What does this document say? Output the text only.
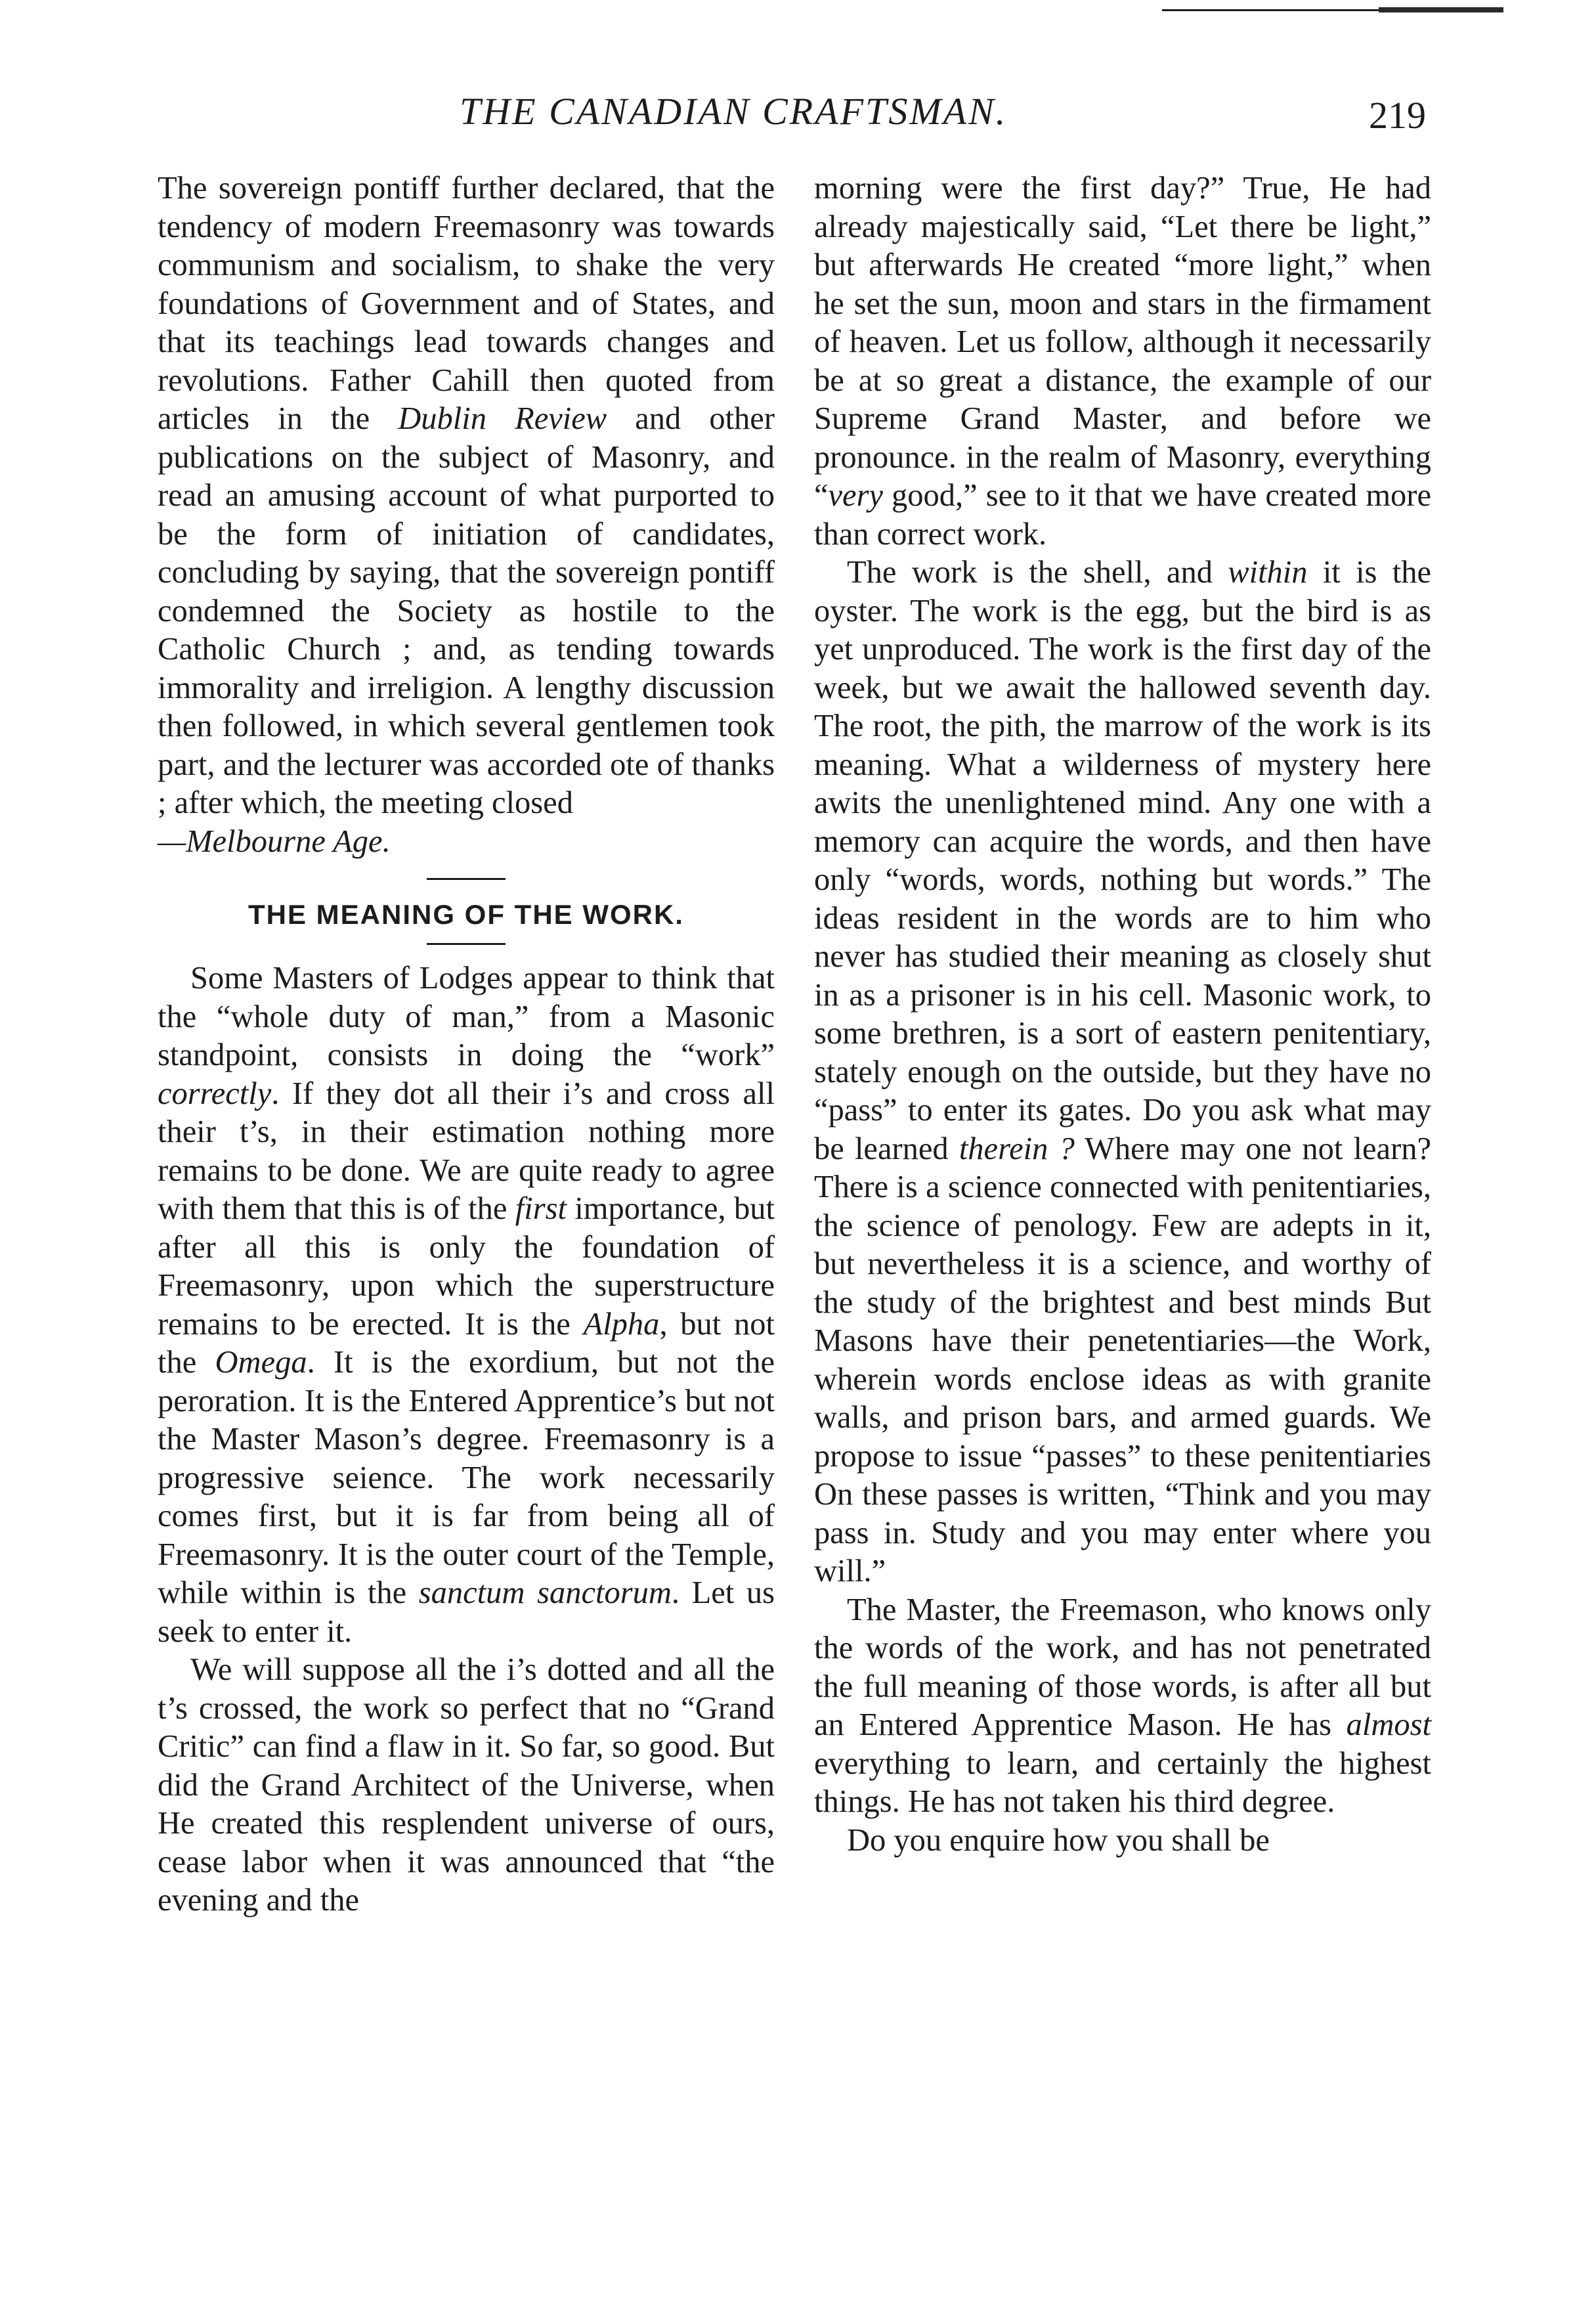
THE CANADIAN CRAFTSMAN.	219

The sovereign pontiff further declared, that the tendency of modern Freemasonry was towards communism and socialism, to shake the very foundations of Government and of States, and that its teachings lead towards changes and revolutions. Father Cahill then quoted from articles in the Dublin Review and other publications on the subject of Masonry, and read an amusing account of what purported to be the form of initiation of candidates, concluding by saying, that the sovereign pontiff condemned the Society as hostile to the Catholic Church ; and, as tending towards immorality and irreligion. A lengthy discussion then followed, in which several gentlemen took part, and the lecturer was accorded ote of thanks ; after which, the meeting closed

—Melbourne Age.

THE MEANING OF THE WORK.

Some Masters of Lodges appear to think that the “whole duty of man,” from a Masonic standpoint, consists in doing the “work” correctly. If they dot all their i’s and cross all their t’s, in their estimation nothing more remains to be done. We are quite ready to agree with them that this is of the first importance, but after all this is only the foundation of Freemasonry, upon which the superstructure remains to be erected. It is the Alpha, but not the Omega. It is the exordium, but not the peroration. It is the Entered Apprentice’s but not the Master Mason’s degree. Freemasonry is a progressive seience. The work necessarily comes first, but it is far from being all of Freemasonry. It is the outer court of the Temple, while within is the sanctum sanctorum. Let us seek to enter it.

We will suppose all the i’s dotted and all the t’s crossed, the work so perfect that no “Grand Critic” can find a flaw in it. So far, so good. But did the Grand Architect of the Universe, when He created this resplendent universe of ours, cease labor when it was announced that “the evening and the

morning were the first day?” True, He had already majestically said, “Let there be light,” but afterwards He created “more light,” when he set the sun, moon and stars in the firmament of heaven. Let us follow, although it necessarily be at so great a distance, the example of our Supreme Grand Master, and before we pronounce. in the realm of Masonry, everything “very good,” see to it that we have created more than correct work.

The work is the shell, and within it is the oyster. The work is the egg, but the bird is as yet unproduced. The work is the first day of the week, but we await the hallowed seventh day. The root, the pith, the marrow of the work is its meaning. What a wilderness of mystery here awits the unenlightened mind. Any one with a memory can acquire the words, and then have only “words, words, nothing but words.” The ideas resident in the words are to him who never has studied their meaning as closely shut in as a prisoner is in his cell. Masonic work, to some brethren, is a sort of eastern penitentiary, stately enough on the outside, but they have no “pass” to enter its gates. Do you ask what may be learned therein ? Where may one not learn? There is a science connected with penitentiaries, the science of penology. Few are adepts in it, but nevertheless it is a science, and worthy of the study of the brightest and best minds But Masons have their penetentiaries—the Work, wherein words enclose ideas as with granite walls, and prison bars, and armed guards. We propose to issue “passes” to these penitentiaries On these passes is written, “Think and you may pass in. Study and you may enter where you will.”

The Master, the Freemason, who knows only the words of the work, and has not penetrated the full meaning of those words, is after all but an Entered Apprentice Mason. He has almost everything to learn, and certainly the highest things. He has not taken his third degree.

Do you enquire how you shall be
